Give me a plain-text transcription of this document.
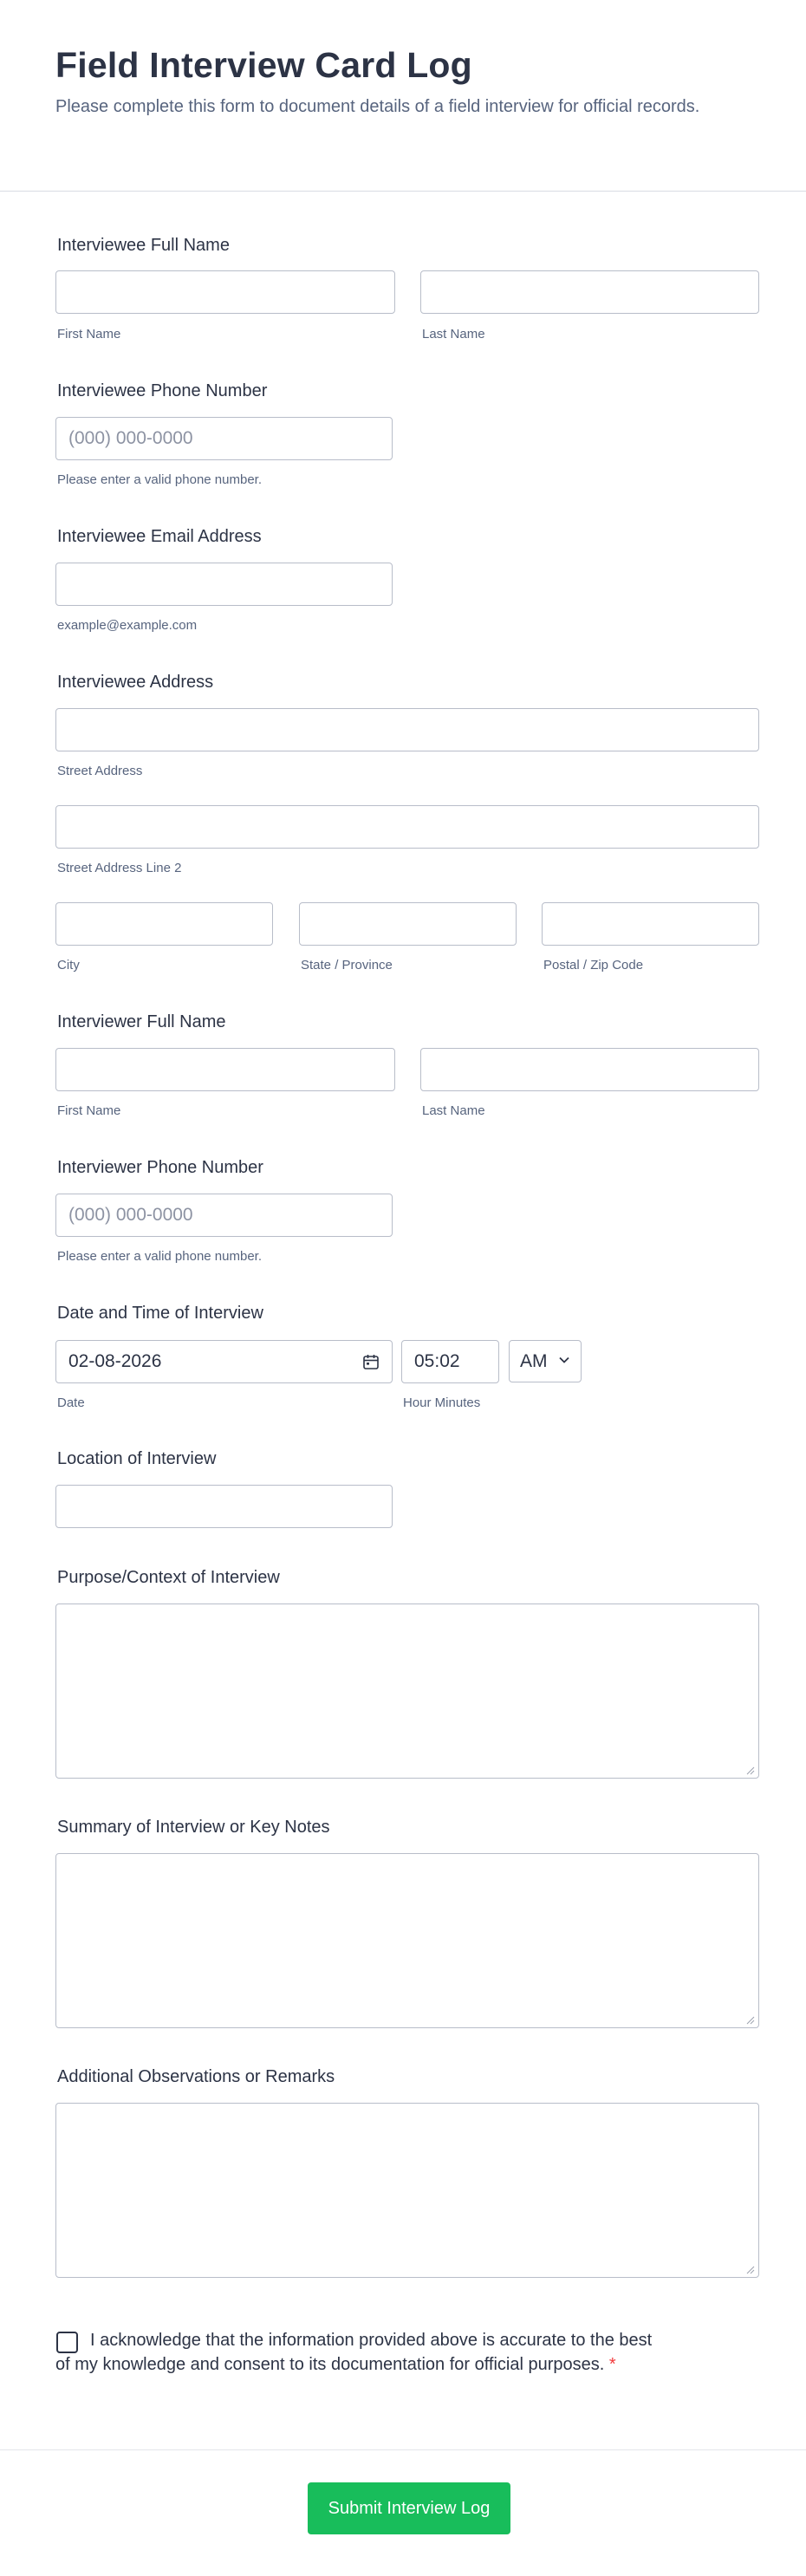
Field Interview Card Log

Please complete this form to document details of a field interview for official records.

Interviewee Full Name
First Name	Last Name
Interviewee Phone Number
(000) 000-0000
Please enter a valid phone number.
Interviewee Email Address
example@example.com
Interviewee Address
Street Address
Street Address Line 2
City	State / Province	Postal / Zip Code
Interviewer Full Name
First Name	Last Name
Interviewer Phone Number
(000) 000-0000
Please enter a valid phone number.
Date and Time of Interview
02-08-2026
05:02
AM
Date	Hour Minutes
Location of Interview
Purpose/Context of Interview
Summary of Interview or Key Notes
Additional Observations or Remarks

I acknowledge that the information provided above is accurate to the best of my knowledge and consent to its documentation for official purposes. *

Submit Interview Log
